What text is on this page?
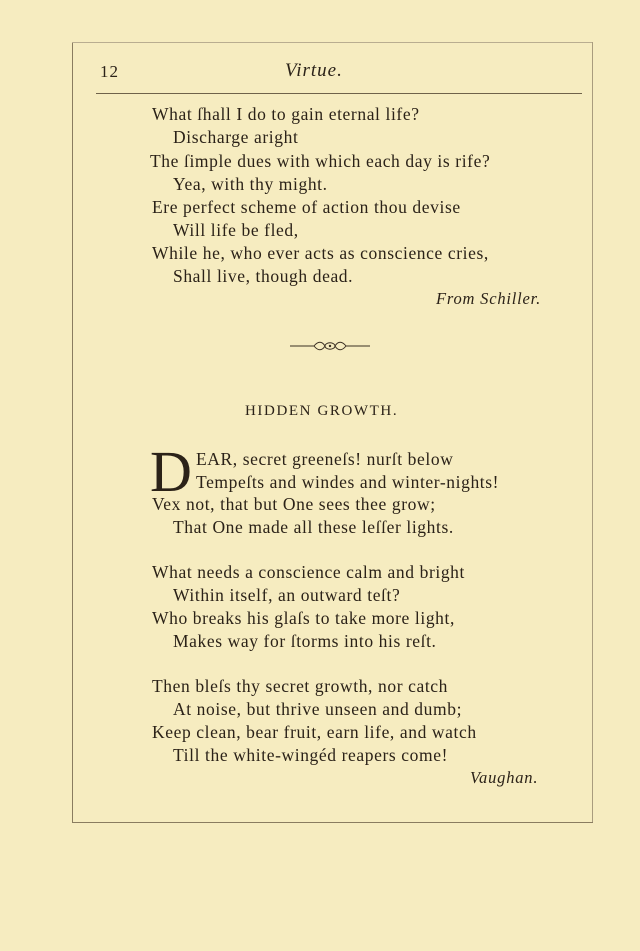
12	Virtue.
What ſhall I do to gain eternal life?
Discharge aright
The ſimple dues with which each day is rife?
Yea, with thy might.
Ere perfect scheme of action thou devise
Will life be fled,
While he, who ever acts as conscience cries,
Shall live, though dead.
From Schiller.
HIDDEN GROWTH.
D EAR, secret greeneſs! nurſt below
Tempeſts and windes and winter-nights!
Vex not, that but One sees thee grow;
That One made all these leſſer lights.
What needs a conscience calm and bright
Within itself, an outward teſt?
Who breaks his glaſs to take more light,
Makes way for ſtorms into his reſt.
Then bleſs thy secret growth, nor catch
At noise, but thrive unseen and dumb;
Keep clean, bear fruit, earn life, and watch
Till the white-wingéd reapers come!
Vaughan.
